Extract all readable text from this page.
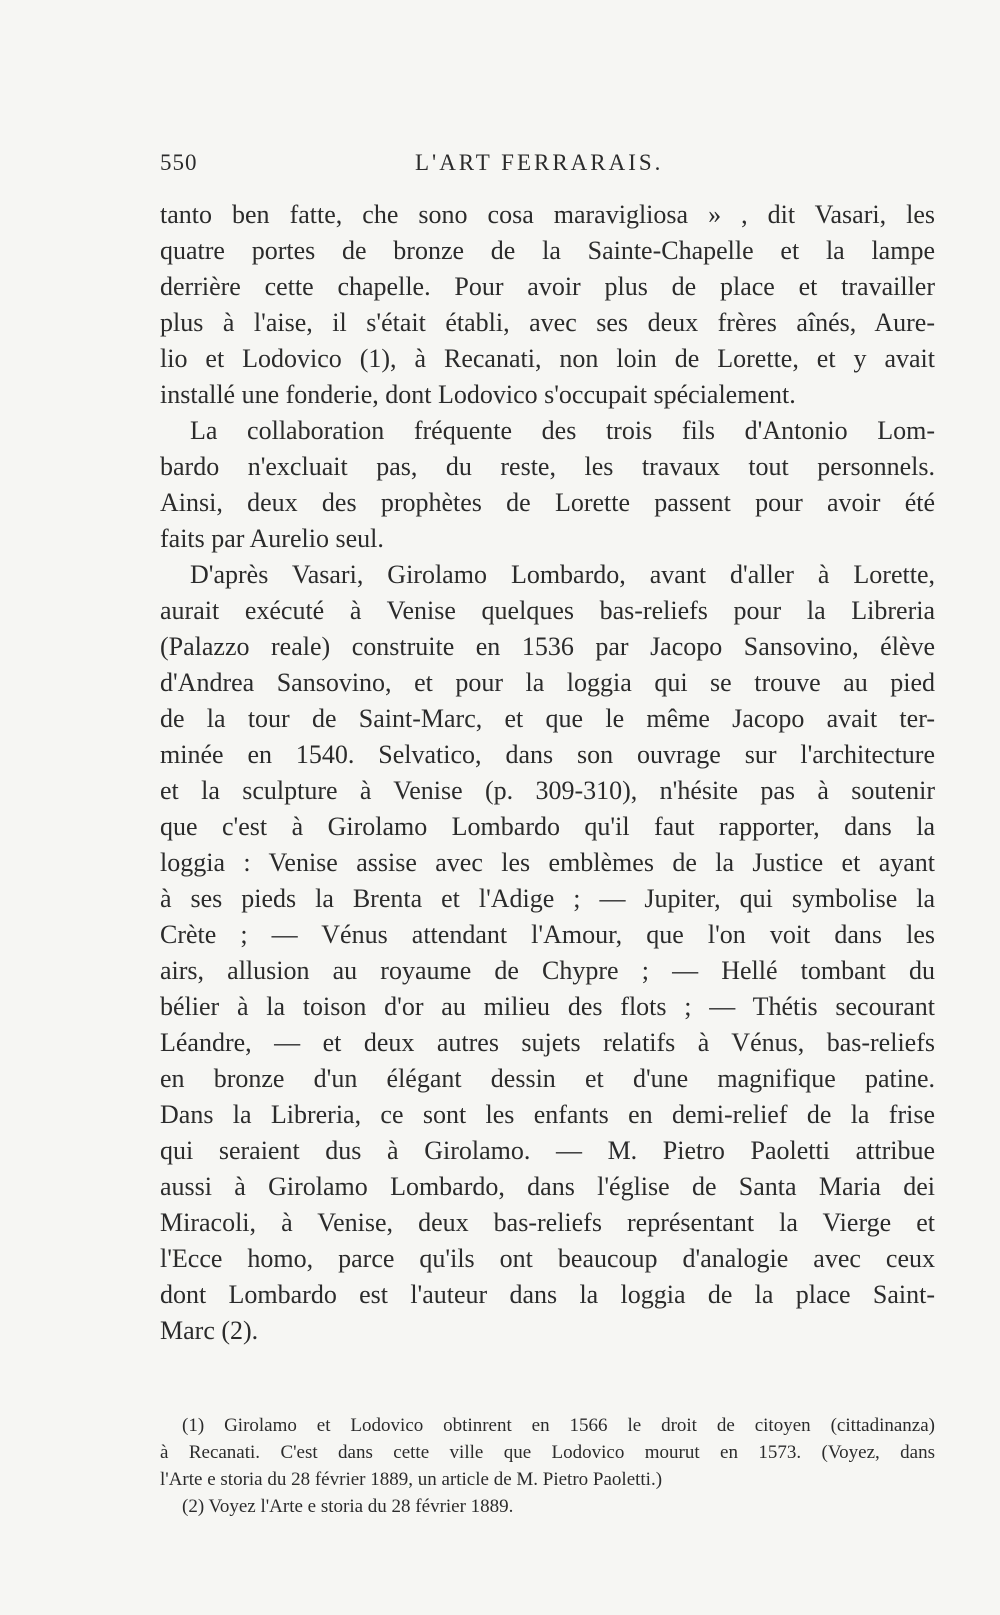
550	L'ART FERRARAIS.
tanto ben fatte, che sono cosa maravigliosa » , dit Vasari, les
quatre portes de bronze de la Sainte-Chapelle et la lampe
derrière cette chapelle. Pour avoir plus de place et travailler
plus à l'aise, il s'était établi, avec ses deux frères aînés, Aure-
lio et Lodovico (1), à Recanati, non loin de Lorette, et y avait
installé une fonderie, dont Lodovico s'occupait spécialement.
La collaboration fréquente des trois fils d'Antonio Lom-
bardo n'excluait pas, du reste, les travaux tout personnels.
Ainsi, deux des prophètes de Lorette passent pour avoir été
faits par Aurelio seul.
D'après Vasari, Girolamo Lombardo, avant d'aller à Lorette,
aurait exécuté à Venise quelques bas-reliefs pour la Libreria
(Palazzo reale) construite en 1536 par Jacopo Sansovino, élève
d'Andrea Sansovino, et pour la loggia qui se trouve au pied
de la tour de Saint-Marc, et que le même Jacopo avait ter-
minée en 1540. Selvatico, dans son ouvrage sur l'architecture
et la sculpture à Venise (p. 309-310), n'hésite pas à soutenir
que c'est à Girolamo Lombardo qu'il faut rapporter, dans la
loggia : Venise assise avec les emblèmes de la Justice et ayant
à ses pieds la Brenta et l'Adige ; — Jupiter, qui symbolise la
Crète ; — Vénus attendant l'Amour, que l'on voit dans les
airs, allusion au royaume de Chypre ; — Hellé tombant du
bélier à la toison d'or au milieu des flots ; — Thétis secourant
Léandre, — et deux autres sujets relatifs à Vénus, bas-reliefs
en bronze d'un élégant dessin et d'une magnifique patine.
Dans la Libreria, ce sont les enfants en demi-relief de la frise
qui seraient dus à Girolamo. — M. Pietro Paoletti attribue
aussi à Girolamo Lombardo, dans l'église de Santa Maria dei
Miracoli, à Venise, deux bas-reliefs représentant la Vierge et
l'Ecce homo, parce qu'ils ont beaucoup d'analogie avec ceux
dont Lombardo est l'auteur dans la loggia de la place Saint-
Marc (2).
(1) Girolamo et Lodovico obtinrent en 1566 le droit de citoyen (cittadinanza)
à Recanati. C'est dans cette ville que Lodovico mourut en 1573. (Voyez, dans
l'Arte e storia du 28 février 1889, un article de M. Pietro Paoletti.)
(2) Voyez l'Arte e storia du 28 février 1889.
